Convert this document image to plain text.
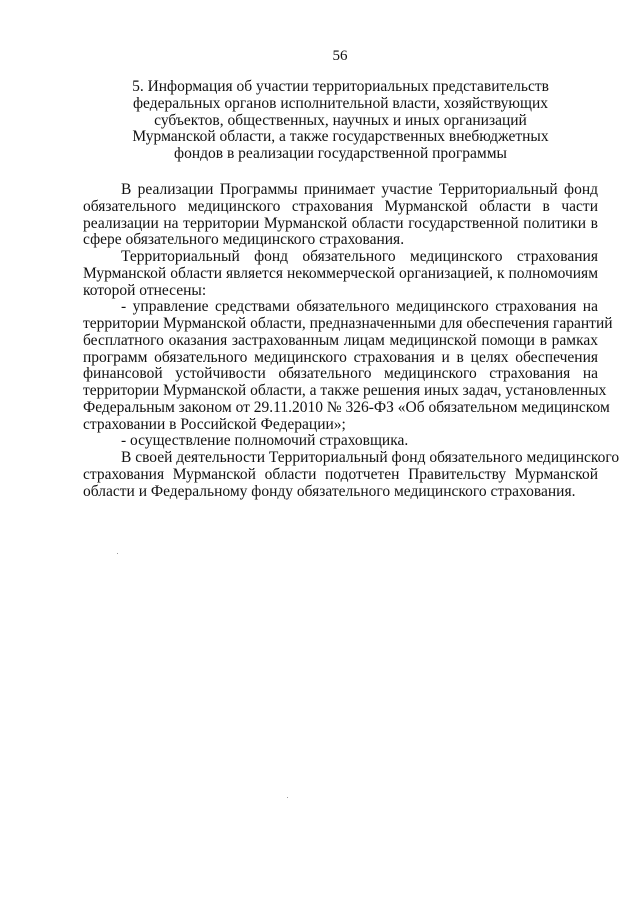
56
5. Информация об участии территориальных представительств
федеральных органов исполнительной власти, хозяйствующих
субъектов, общественных, научных и иных организаций
Мурманской области, а также государственных внебюджетных
фондов в реализации государственной программы
В реализации Программы принимает участие Территориальный фонд
обязательного медицинского страхования Мурманской области в части
реализации на территории Мурманской области государственной политики в
сфере обязательного медицинского страхования.
Территориальный фонд обязательного медицинского страхования
Мурманской области является некоммерческой организацией, к полномочиям
которой отнесены:
- управление средствами обязательного медицинского страхования на
территории Мурманской области, предназначенными для обеспечения гарантий
бесплатного оказания застрахованным лицам медицинской помощи в рамках
программ обязательного медицинского страхования и в целях обеспечения
финансовой устойчивости обязательного медицинского страхования на
территории Мурманской области, а также решения иных задач, установленных
Федеральным законом от 29.11.2010 № 326-ФЗ «Об обязательном медицинском
страховании в Российской Федерации»;
- осуществление полномочий страховщика.
В своей деятельности Территориальный фонд обязательного медицинского
страхования Мурманской области подотчетен Правительству Мурманской
области и Федеральному фонду обязательного медицинского страхования.
